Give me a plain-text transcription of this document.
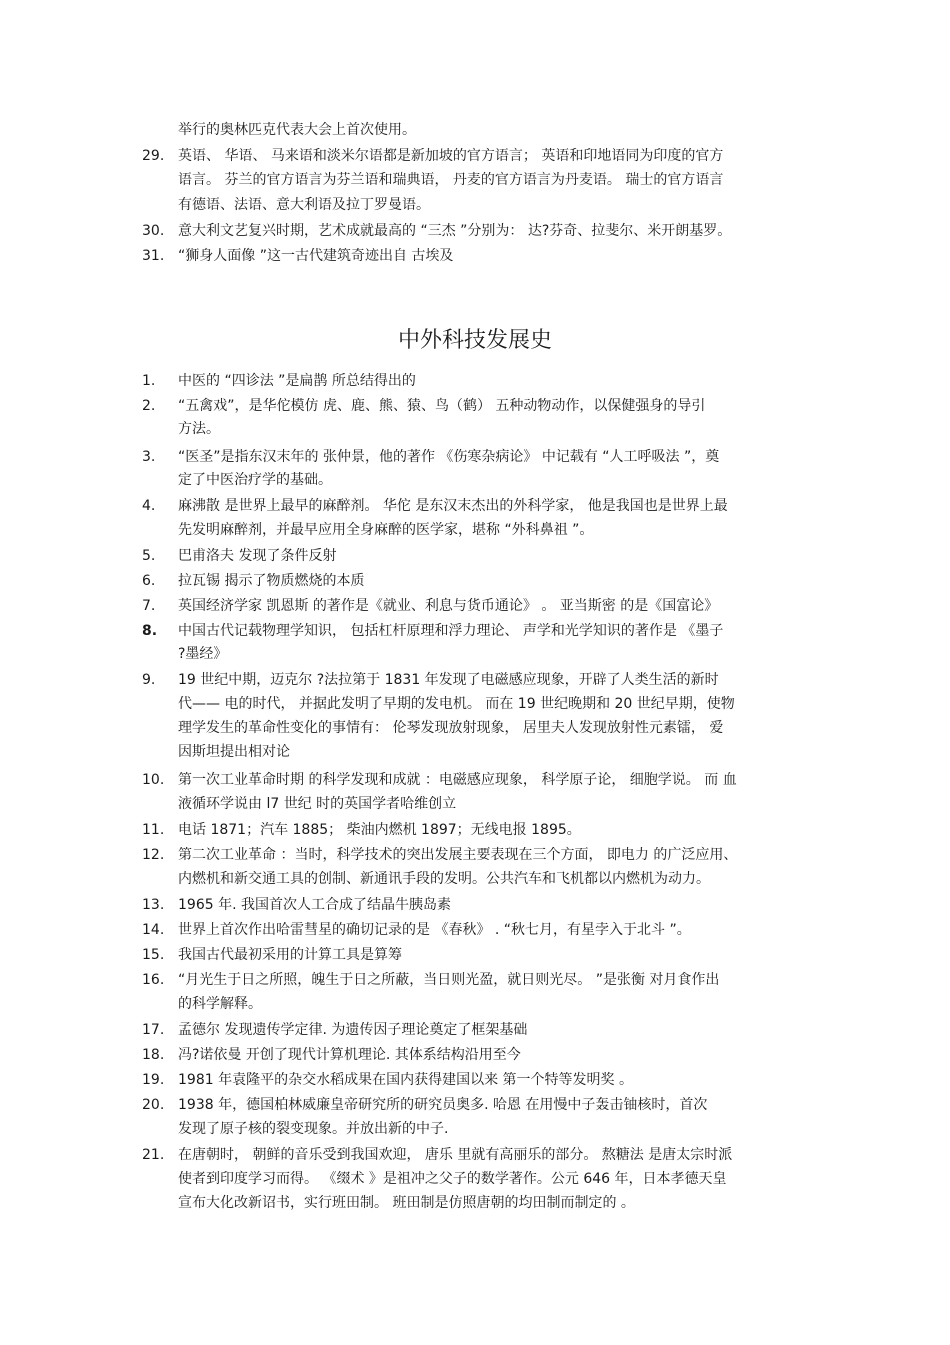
举行的奥林匹克代表大会上首次使用。
29. 英语、 华语、 马来语和淡米尔语都是新加坡的官方语言； 英语和印地语同为印度的官方
语言。 芬兰的官方语言为芬兰语和瑞典语， 丹麦的官方语言为丹麦语。 瑞士的官方语言
有德语、法语、意大利语及拉丁罗曼语。
30. 意大利文艺复兴时期，艺术成就最高的 “三杰 ”分别为： 达?芬奇、拉斐尔、米开朗基罗。
31. “狮身人面像 ”这一古代建筑奇迹出自 古埃及
中外科技发展史
1. 中医的 “四诊法 ”是扁鹊 所总结得出的
2. “五禽戏”，是华佗模仿 虎、鹿、熊、猿、鸟（鹤） 五种动物动作，以保健强身的导引
方法。
3. “医圣”是指东汉末年的 张仲景，他的著作 《伤寒杂病论》 中记载有 “人工呼吸法 ”，奠
定了中医治疗学的基础。
4. 麻沸散 是世界上最早的麻醉剂。 华佗 是东汉末杰出的外科学家， 他是我国也是世界上最
先发明麻醉剂，并最早应用全身麻醉的医学家，堪称 “外科鼻祖 ”。
5. 巴甫洛夫 发现了条件反射
6. 拉瓦锡 揭示了物质燃烧的本质
7. 英国经济学家 凯恩斯 的著作是《就业、利息与货币通论》 。 亚当斯密 的是《国富论》
8. 中国古代记载物理学知识， 包括杠杆原理和浮力理论、 声学和光学知识的著作是 《墨子
?墨经》
9. 19 世纪中期，迈克尔 ?法拉第于 1831 年发现了电磁感应现象，开辟了人类生活的新时
代—— 电的时代， 并据此发明了早期的发电机。 而在 19 世纪晚期和 20 世纪早期，使物
理学发生的革命性变化的事情有： 伦琴发现放射现象， 居里夫人发现放射性元素镭， 爱
因斯坦提出相对论
10. 第一次工业革命时期 的科学发现和成就 ：电磁感应现象， 科学原子论， 细胞学说。 而 血
液循环学说由 l7 世纪 时的英国学者哈维创立
11. 电话 1871；汽车 1885； 柴油内燃机 1897；无线电报 1895。
12. 第二次工业革命 ：当时，科学技术的突出发展主要表现在三个方面， 即电力 的广泛应用、
内燃机和新交通工具的创制、新通讯手段的发明。公共汽车和飞机都以内燃机为动力。
13. 1965 年. 我国首次人工合成了结晶牛胰岛素
14. 世界上首次作出哈雷彗星的确切记录的是 《春秋》 . “秋七月，有星孛入于北斗 ”。
15. 我国古代最初采用的计算工具是算筹
16. “月光生于日之所照，魄生于日之所蔽，当日则光盈，就日则光尽。 ”是张衡 对月食作出
的科学解释。
17. 孟德尔 发现遗传学定律. 为遗传因子理论奠定了框架基础
18. 冯?诺依曼 开创了现代计算机理论. 其体系结构沿用至今
19. 1981 年袁隆平的杂交水稻成果在国内获得建国以来 第一个特等发明奖 。
20. 1938 年，德国柏林威廉皇帝研究所的研究员奥多. 哈恩 在用慢中子轰击铀核时，首次
发现了原子核的裂变现象。并放出新的中子.
21. 在唐朝时， 朝鲜的音乐受到我国欢迎， 唐乐 里就有高丽乐的部分。 熬糖法 是唐太宗时派
使者到印度学习而得。 《缀术 》是祖冲之父子的数学著作。公元 646 年，日本孝德天皇
宣布大化改新诏书，实行班田制。 班田制是仿照唐朝的均田制而制定的 。
